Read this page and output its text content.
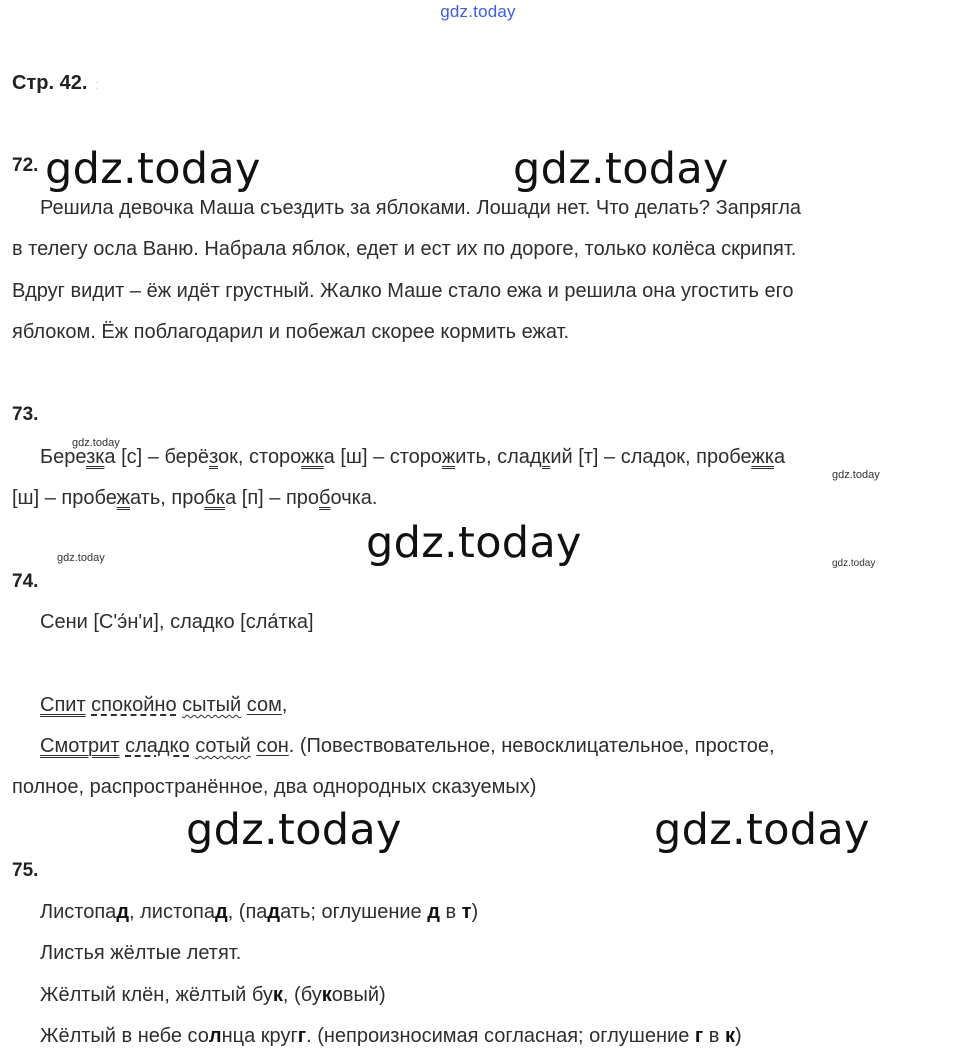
gdz.today
Стр. 42. :
72. gdz.today	gdz.today
Решила девочка Маша съездить за яблоками. Лошади нет. Что делать? Запрягла
в телегу осла Ваню. Набрала яблок, едет и ест их по дороге, только колёса скрипят.
Вдруг видит – ёж идёт грустный. Жалко Маше стало ежа и решила она угостить его
яблоком. Ёж поблагодарил и побежал скорее кормить ежат.
73.
gdz.today
Березка [с] – берёзок, сторожка [ш] – сторожить, сладкий [т] – сладок, пробежка
gdz.today
[ш] – пробежать, пробка [п] – пробочка.
gdz.today
gdz.today	gdz.today
74.
Сени [С'э́н'и], сладко [сла́тка]
Спит спокойно сытый сом,
Смотрит сладко сотый сон. (Повествовательное, невосклицательное, простое,
полное, распространённое, два однородных сказуемых)
gdz.today	gdz.today
75.
Листопад, листопад, (падать; оглушение д в т)
Листья жёлтые летят.
Жёлтый клён, жёлтый бук, (буковый)
Жёлтый в небе солнца кругг. (непроизносимая согласная; оглушение г в к)
